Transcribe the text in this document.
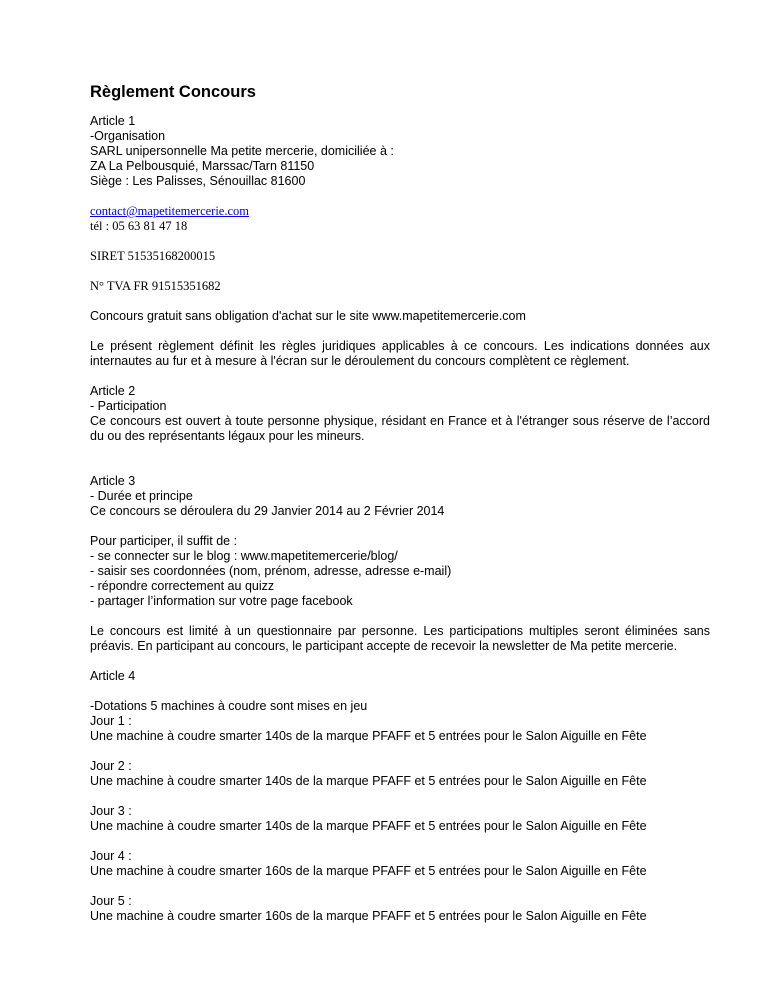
Règlement Concours
Article 1
-Organisation
SARL unipersonnelle Ma petite mercerie, domiciliée à :
ZA La Pelbousquié, Marssac/Tarn 81150
Siège : Les Palisses, Sénouillac 81600
contact@mapetitemercerie.com
tél : 05 63 81 47 18
SIRET 51535168200015
N° TVA FR 91515351682
Concours gratuit sans obligation d'achat sur le site www.mapetitemercerie.com
Le présent règlement définit les règles juridiques applicables à ce concours. Les indications données aux internautes au fur et à mesure à l'écran sur le déroulement du concours complètent ce règlement.
Article 2
- Participation
Ce concours est ouvert à toute personne physique, résidant en France et à l'étranger sous réserve de l’accord du ou des représentants légaux pour les mineurs.
Article 3
- Durée et principe
Ce concours se déroulera du 29 Janvier 2014 au 2 Février 2014
Pour participer, il suffit de :
- se connecter sur le blog : www.mapetitemercerie/blog/
- saisir ses coordonnées (nom, prénom, adresse, adresse e-mail)
- répondre correctement au quizz
- partager l’information sur votre page facebook
Le concours est limité à un questionnaire par personne. Les participations multiples seront éliminées sans préavis. En participant au concours, le participant accepte de recevoir la newsletter de Ma petite mercerie.
Article 4
-Dotations 5 machines à coudre sont mises en jeu
Jour 1 :
Une machine à coudre smarter 140s de la marque PFAFF et 5 entrées pour le Salon Aiguille en Fête
Jour 2 :
Une machine à coudre smarter 140s de la marque PFAFF et 5 entrées pour le Salon Aiguille en Fête
Jour 3 :
Une machine à coudre smarter 140s de la marque PFAFF et 5 entrées pour le Salon Aiguille en Fête
Jour 4 :
Une machine à coudre smarter 160s de la marque PFAFF et 5 entrées pour le Salon Aiguille en Fête
Jour 5 :
Une machine à coudre smarter 160s de la marque PFAFF et 5 entrées pour le Salon Aiguille en Fête
